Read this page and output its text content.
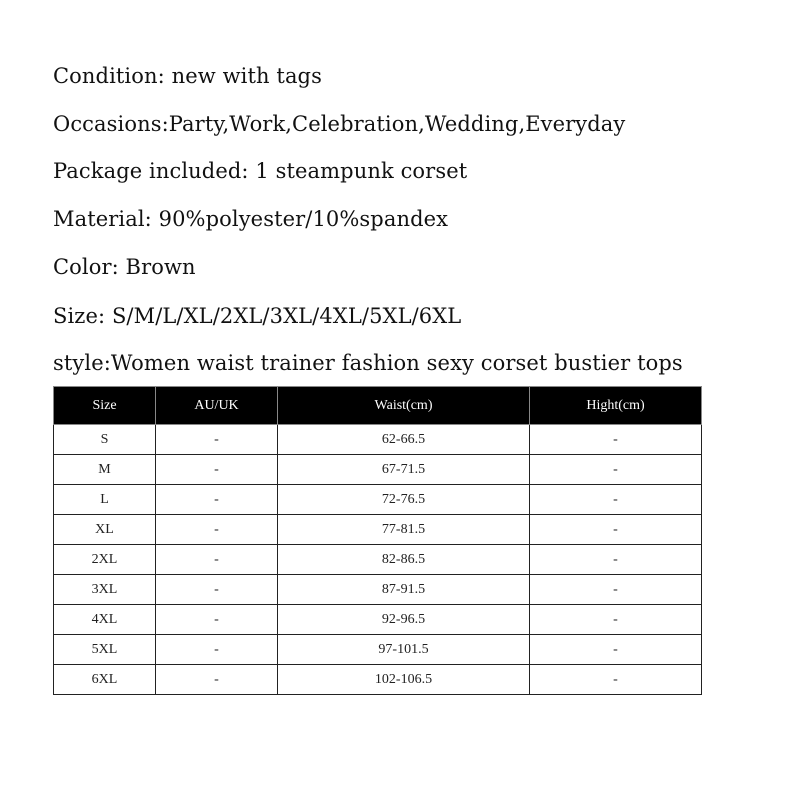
Condition: new with tags
Occasions:Party,Work,Celebration,Wedding,Everyday
Package included: 1 steampunk corset
Material: 90%polyester/10%spandex
Color: Brown
Size: S/M/L/XL/2XL/3XL/4XL/5XL/6XL
style:Women waist trainer fashion sexy corset bustier tops
Size	AU/UK	Waist(cm)	Hight(cm)
S	-	62-66.5	-
M	-	67-71.5	-
L	-	72-76.5	-
XL	-	77-81.5	-
2XL	-	82-86.5	-
3XL	-	87-91.5	-
4XL	-	92-96.5	-
5XL	-	97-101.5	-
6XL	-	102-106.5	-
